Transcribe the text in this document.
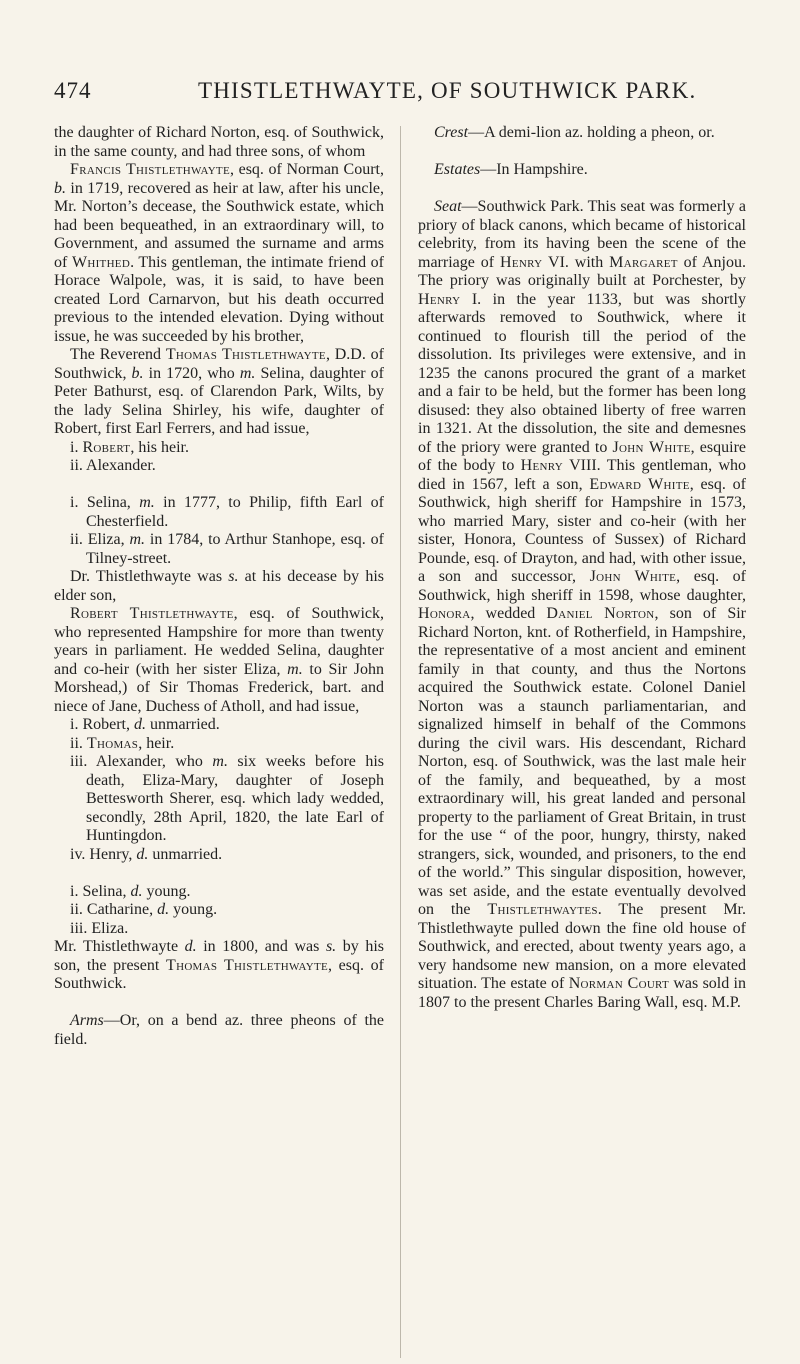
474	THISTLETHWAYTE, OF SOUTHWICK PARK.

the daughter of Richard Norton, esq. of Southwick, in the same county, and had three sons, of whom

Francis Thistlethwayte, esq. of Norman Court, b. in 1719, recovered as heir at law, after his uncle, Mr. Norton’s decease, the Southwick estate, which had been bequeathed, in an extraordinary will, to Government, and assumed the surname and arms of Whithed. This gentleman, the intimate friend of Horace Walpole, was, it is said, to have been created Lord Carnarvon, but his death occurred previous to the intended elevation. Dying without issue, he was succeeded by his brother,

The Reverend Thomas Thistlethwayte, D.D. of Southwick, b. in 1720, who m. Selina, daughter of Peter Bathurst, esq. of Clarendon Park, Wilts, by the lady Selina Shirley, his wife, daughter of Robert, first Earl Ferrers, and had issue,

i. Robert, his heir.

ii. Alexander.

i. Selina, m. in 1777, to Philip, fifth Earl of Chesterfield.

ii. Eliza, m. in 1784, to Arthur Stanhope, esq. of Tilney-street.

Dr. Thistlethwayte was s. at his decease by his elder son,

Robert Thistlethwayte, esq. of Southwick, who represented Hampshire for more than twenty years in parliament. He wedded Selina, daughter and co-heir (with her sister Eliza, m. to Sir John Morshead,) of Sir Thomas Frederick, bart. and niece of Jane, Duchess of Atholl, and had issue,

i. Robert, d. unmarried.

ii. Thomas, heir.

iii. Alexander, who m. six weeks before his death, Eliza-Mary, daughter of Joseph Bettesworth Sherer, esq. which lady wedded, secondly, 28th April, 1820, the late Earl of Huntingdon.

iv. Henry, d. unmarried.

i. Selina, d. young.

ii. Catharine, d. young.

iii. Eliza.

Mr. Thistlethwayte d. in 1800, and was s. by his son, the present Thomas Thistlethwayte, esq. of Southwick.

Arms—Or, on a bend az. three pheons of the field.

Crest—A demi-lion az. holding a pheon, or.

Estates—In Hampshire.

Seat—Southwick Park. This seat was formerly a priory of black canons, which became of historical celebrity, from its having been the scene of the marriage of Henry VI. with Margaret of Anjou. The priory was originally built at Porchester, by Henry I. in the year 1133, but was shortly afterwards removed to Southwick, where it continued to flourish till the period of the dissolution. Its privileges were extensive, and in 1235 the canons procured the grant of a market and a fair to be held, but the former has been long disused: they also obtained liberty of free warren in 1321. At the dissolution, the site and demesnes of the priory were granted to John White, esquire of the body to Henry VIII. This gentleman, who died in 1567, left a son, Edward White, esq. of Southwick, high sheriff for Hampshire in 1573, who married Mary, sister and co-heir (with her sister, Honora, Countess of Sussex) of Richard Pounde, esq. of Drayton, and had, with other issue, a son and successor, John White, esq. of Southwick, high sheriff in 1598, whose daughter, Honora, wedded Daniel Norton, son of Sir Richard Norton, knt. of Rotherfield, in Hampshire, the representative of a most ancient and eminent family in that county, and thus the Nortons acquired the Southwick estate. Colonel Daniel Norton was a staunch parliamentarian, and signalized himself in behalf of the Commons during the civil wars. His descendant, Richard Norton, esq. of Southwick, was the last male heir of the family, and bequeathed, by a most extraordinary will, his great landed and personal property to the parliament of Great Britain, in trust for the use “ of the poor, hungry, thirsty, naked strangers, sick, wounded, and prisoners, to the end of the world.” This singular disposition, however, was set aside, and the estate eventually devolved on the Thistlethwaytes. The present Mr. Thistlethwayte pulled down the fine old house of Southwick, and erected, about twenty years ago, a very handsome new mansion, on a more elevated situation. The estate of Norman Court was sold in 1807 to the present Charles Baring Wall, esq. M.P.
